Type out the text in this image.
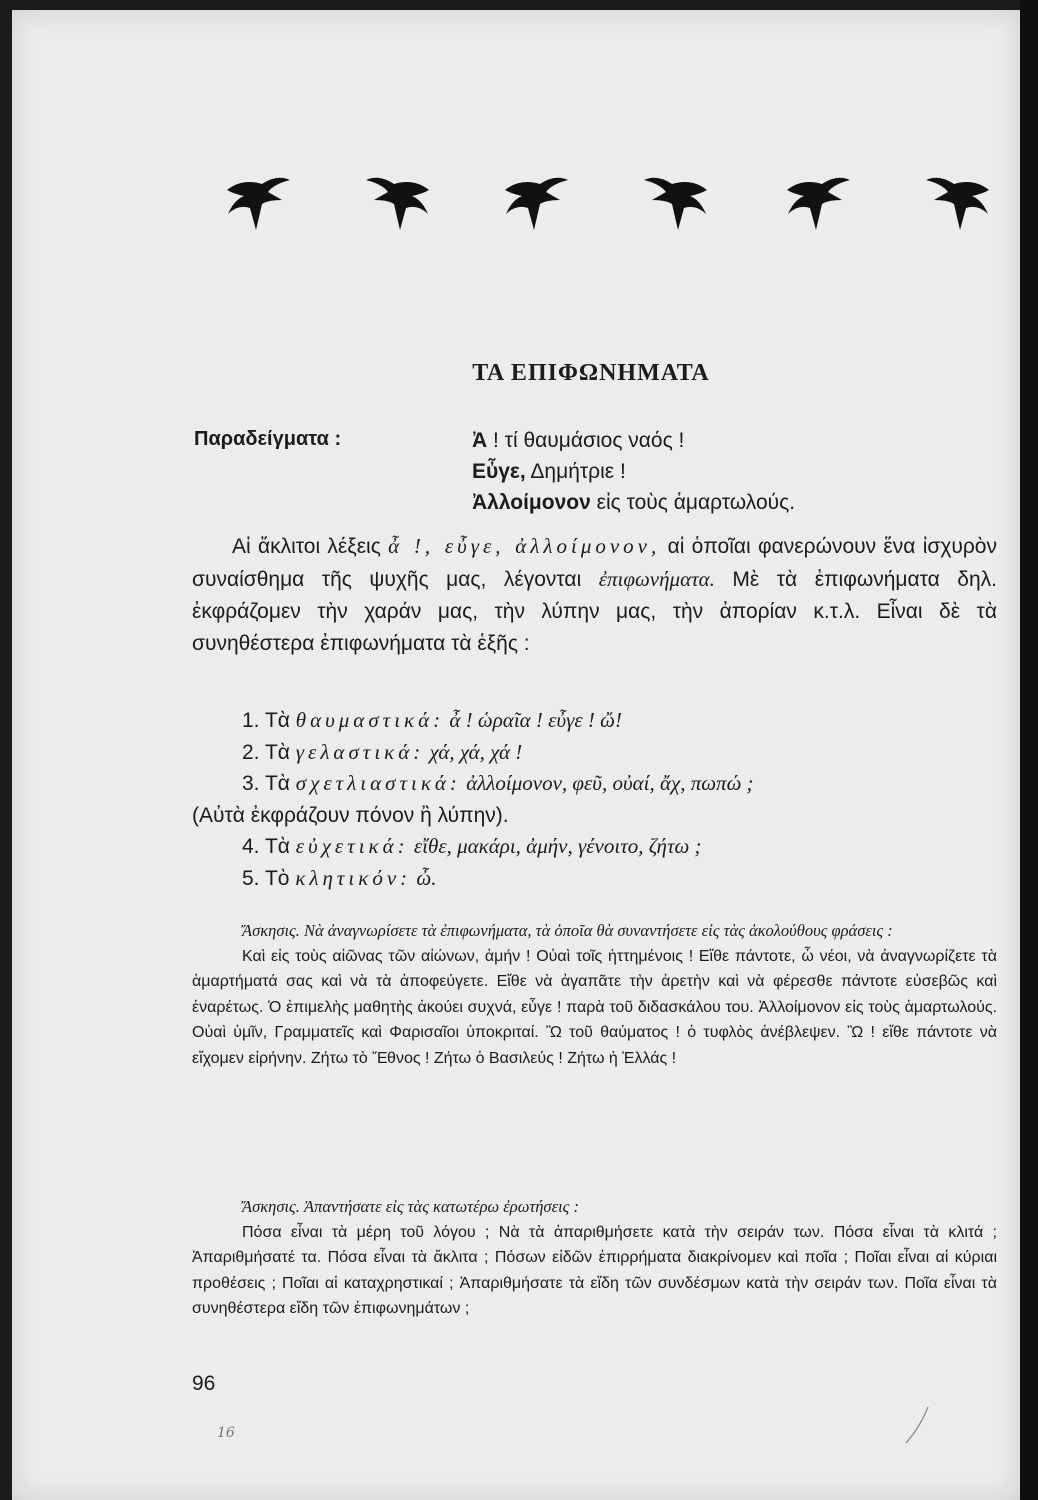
ΤΑ ΕΠΙΦΩΝΗΜΑΤΑ
Παραδείγματα :	Ἀ ! τί θαυμάσιος ναός !
Εὖγε, Δημήτριε !
Ἀλλοίμονον εἰς τοὺς ἁμαρτωλούς.

Αἱ ἄκλιτοι λέξεις ἆ !, εὖγε, ἀλλοίμονον, αἱ ὁποῖαι φανερώνουν ἕνα ἰσχυρὸν συναίσθημα τῆς ψυχῆς μας, λέγονται ἐπιφωνήματα. Μὲ τὰ ἐπιφωνήματα δηλ. ἐκφράζομεν τὴν χαράν μας, τὴν λύπην μας, τὴν ἀπορίαν κ.τ.λ. Εἶναι δὲ τὰ συνηθέστερα ἐπιφωνήματα τὰ ἑξῆς :

1. Τὰ θαυμαστικά: ἆ ! ὡραῖα ! εὖγε ! ὤ!
2. Τὰ γελαστικά: χά, χά, χά !
3. Τὰ σχετλιαστικά: ἀλλοίμονον, φεῦ, οὐαί, ἄχ, πωπώ ;
(Αὐτὰ ἐκφράζουν πόνον ἢ λύπην).
4. Τὰ εὐχετικά: εἴθε, μακάρι, ἀμήν, γένοιτο, ζήτω ;
5. Τὸ κλητικόν: ὦ.
Ἄσκησις. Νὰ ἀναγνωρίσετε τὰ ἐπιφωνήματα, τὰ ὁποῖα θὰ συναντήσετε εἰς τὰς ἀκολούθους φράσεις :
Καὶ εἰς τοὺς αἰῶνας τῶν αἰώνων, ἀμήν ! Οὐαὶ τοῖς ἡττημένοις ! Εἴθε πάντοτε, ὦ νέοι, νὰ ἀναγνωρίζετε τὰ ἁμαρτήματά σας καὶ νὰ τὰ ἀποφεύγετε. Εἴθε νὰ ἀγαπᾶτε τὴν ἀρετὴν καὶ νὰ φέρεσθε πάντοτε εὐσεβῶς καὶ ἐναρέτως. Ὁ ἐπιμελὴς μαθητὴς ἀκούει συχνά, εὖγε ! παρὰ τοῦ διδασκάλου του. Ἀλλοίμονον εἰς τοὺς ἁμαρτωλούς. Οὐαὶ ὑμῖν, Γραμματεῖς καὶ Φαρισαῖοι ὑποκριταί. Ὢ τοῦ θαύματος ! ὁ τυφλὸς ἀνέβλεψεν. Ὢ ! εἴθε πάντοτε νὰ εἴχομεν εἰρήνην. Ζήτω τὸ Ἔθνος ! Ζήτω ὁ Βασιλεύς ! Ζήτω ἡ Ἑλλάς !
Ἄσκησις. Ἀπαντήσατε εἰς τὰς κατωτέρω ἐρωτήσεις :
Πόσα εἶναι τὰ μέρη τοῦ λόγου ; Νὰ τὰ ἀπαριθμήσετε κατὰ τὴν σειράν των. Πόσα εἶναι τὰ κλιτά ; Ἀπαριθμήσατέ τα. Πόσα εἶναι τὰ ἄκλιτα ; Πόσων εἰδῶν ἐπιρρήματα διακρίνομεν καὶ ποῖα ; Ποῖαι εἶναι αἱ κύριαι προθέσεις ; Ποῖαι αἱ καταχρηστικαί ; Ἀπαριθμήσατε τὰ εἴδη τῶν συνδέσμων κατὰ τὴν σειράν των. Ποῖα εἶναι τὰ συνηθέστερα εἴδη τῶν ἐπιφωνημάτων ;
96
16
